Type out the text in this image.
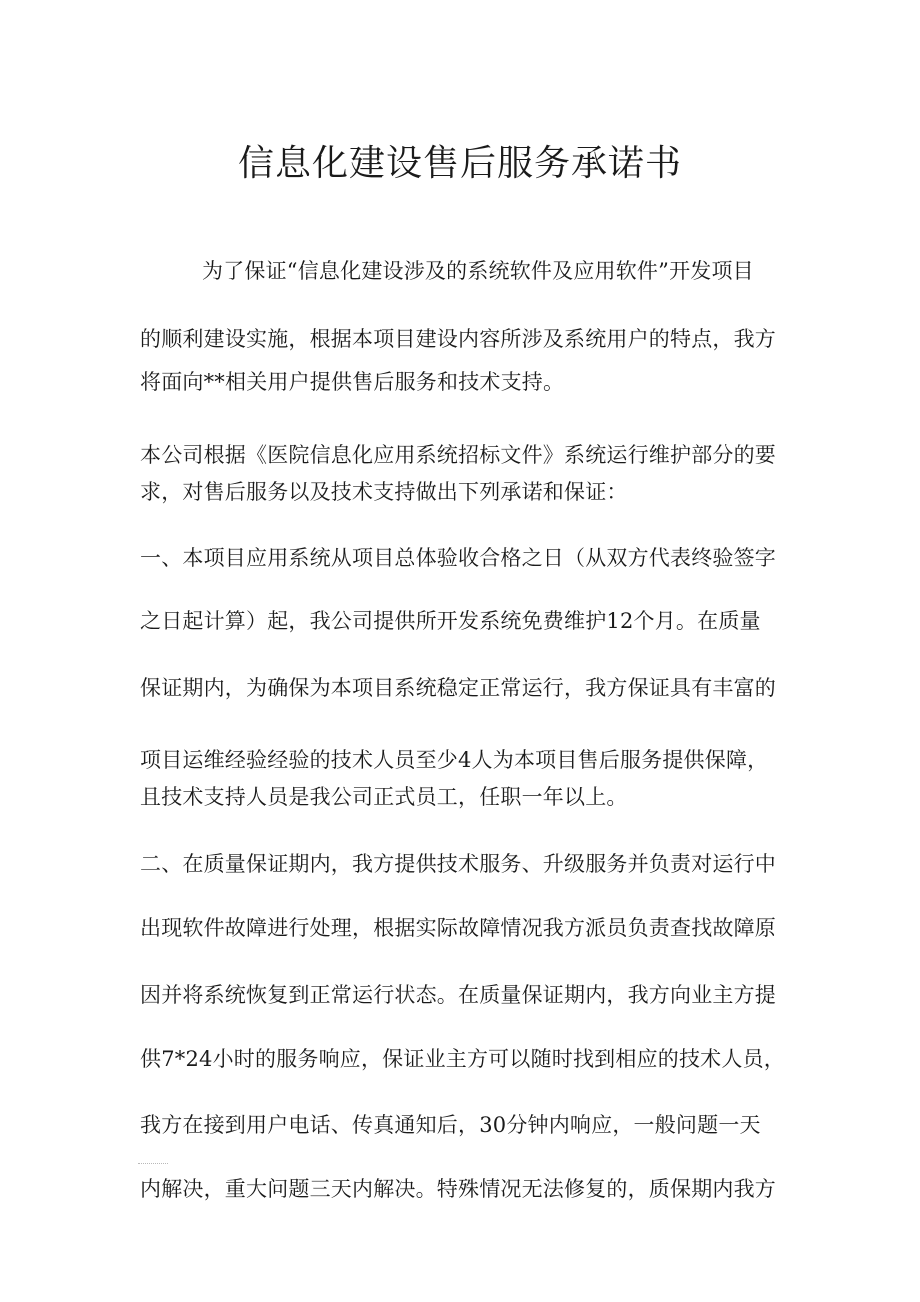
信息化建设售后服务承诺书
为了保证“信息化建设涉及的系统软件及应用软件”开发项目
的顺利建设实施，根据本项目建设内容所涉及系统用户的特点，我方
将面向**相关用户提供售后服务和技术支持。
本公司根据《医院信息化应用系统招标文件》系统运行维护部分的要
求，对售后服务以及技术支持做出下列承诺和保证：
一、本项目应用系统从项目总体验收合格之日（从双方代表终验签字
之日起计算）起，我公司提供所开发系统免费维护12个月。在质量
保证期内，为确保为本项目系统稳定正常运行，我方保证具有丰富的
项目运维经验经验的技术人员至少4人为本项目售后服务提供保障，
且技术支持人员是我公司正式员工，任职一年以上。
二、在质量保证期内，我方提供技术服务、升级服务并负责对运行中
出现软件故障进行处理，根据实际故障情况我方派员负责查找故障原
因并将系统恢复到正常运行状态。在质量保证期内，我方向业主方提
供7*24小时的服务响应，保证业主方可以随时找到相应的技术人员，
我方在接到用户电话、传真通知后，30分钟内响应，一般问题一天
内解决，重大问题三天内解决。特殊情况无法修复的，质保期内我方
